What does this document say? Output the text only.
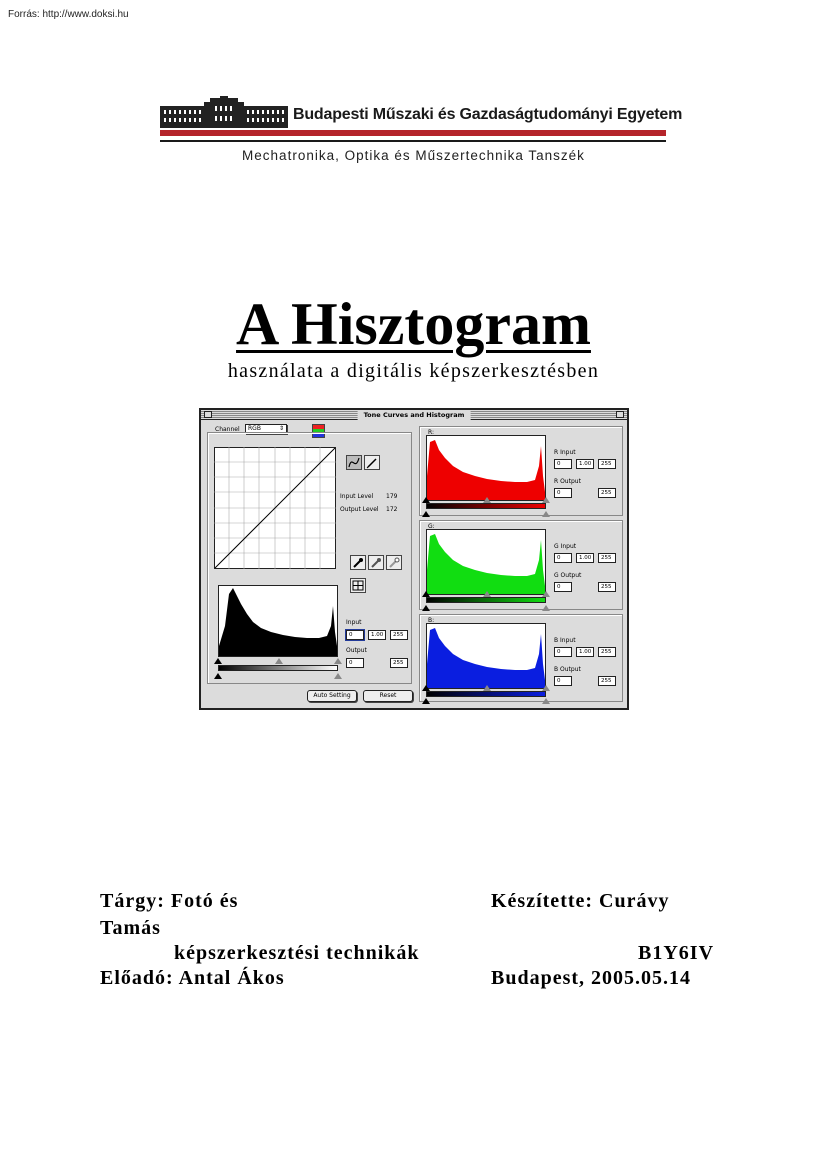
Forrás: http://www.doksi.hu
Budapesti Műszaki és Gazdaságtudományi Egyetem
Mechatronika, Optika és Műszertechnika Tanszék
A Hisztogram
használata a digitális képszerkesztésben
Tone Curves and Histogram
Channel	RGB	⇕
Input Level 179
Output Level 172
Input
0	1.00	255
Output
0	255
Auto Setting	Reset
R:
R Input
0	1.00	255
R Output
0	255
G:
G Input
0	1.00	255
G Output
0	255
B:
B Input
0	1.00	255
B Output
0	255
Tárgy: Fotó és	Készítette: Curávy
Tamás
képszerkesztési technikák	B1Y6IV
Előadó: Antal Ákos	Budapest, 2005.05.14
